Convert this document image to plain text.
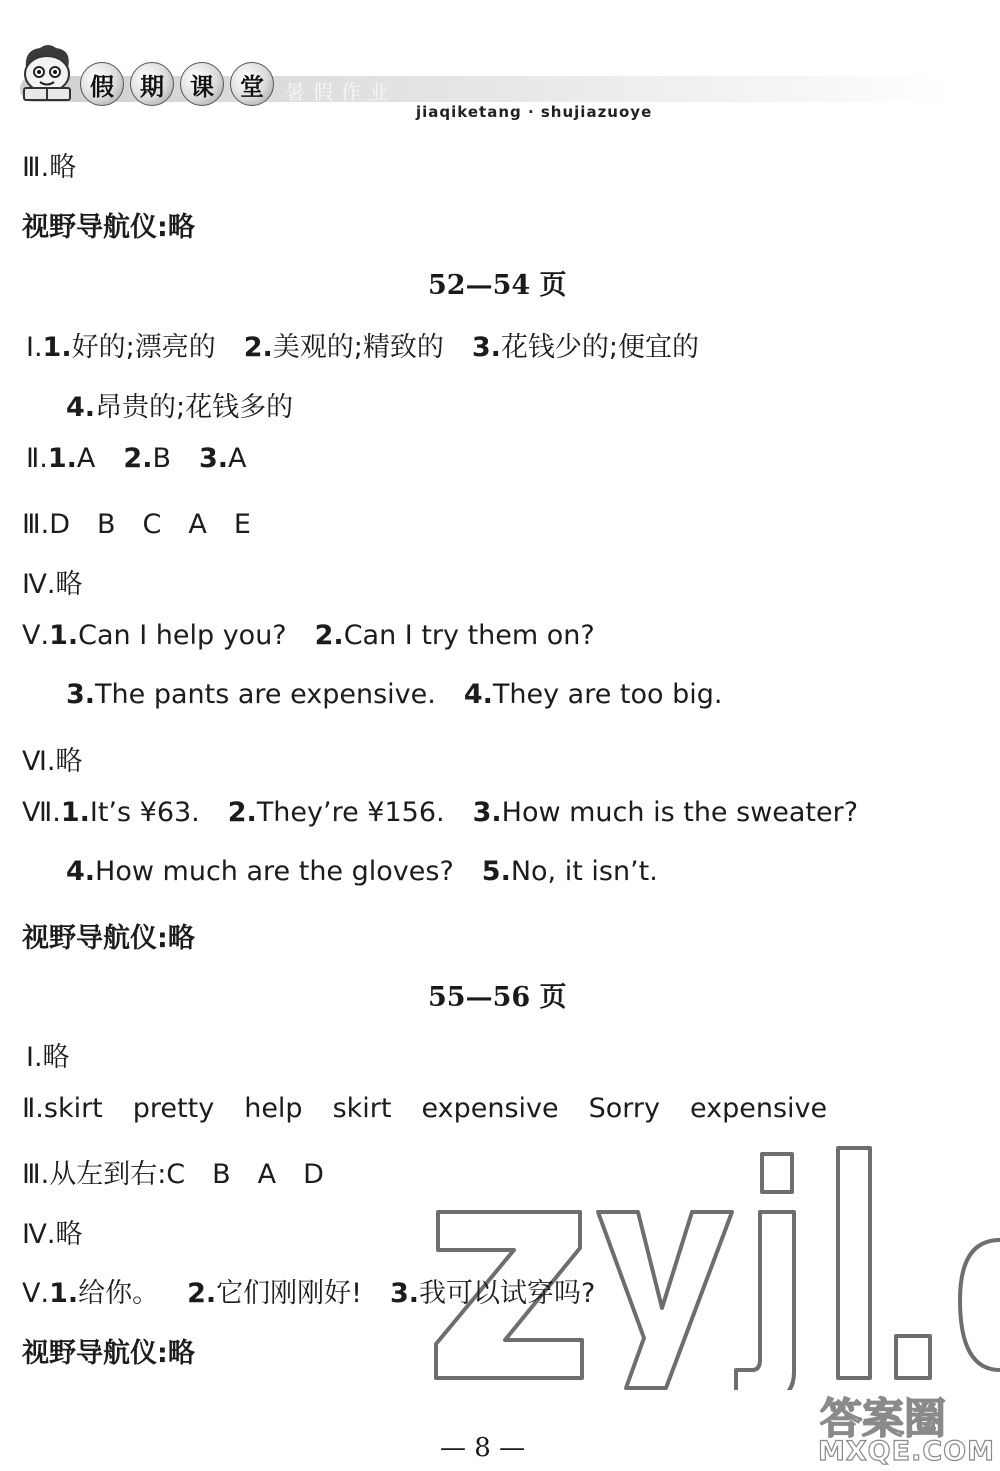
假	期	课	堂	暑假作业
jiaqiketang · shujiazuoye
答案圈
MXQE.COM
Ⅲ.略
视野导航仪:略
52—54 页
Ⅰ.1.好的;漂亮的 2.美观的;精致的 3.花钱少的;便宜的
4.昂贵的;花钱多的
Ⅱ.1.A 2.B 3.A
Ⅲ.D　B　C　A　E
Ⅳ.略
Ⅴ.1.Can I help you? 2.Can I try them on?
3.The pants are expensive. 4.They are too big.
Ⅵ.略
Ⅶ.1.It’s ¥63. 2.They’re ¥156. 3.How much is the sweater?
4.How much are the gloves? 5.No, it isn’t.
视野导航仪:略
55—56 页
Ⅰ.略
Ⅱ.skirt pretty help skirt expensive Sorry expensive
Ⅲ.从左到右:C　B　A　D
Ⅳ.略
Ⅴ.1.给你。 2.它们刚刚好! 3.我可以试穿吗?
视野导航仪:略
— 8 —
